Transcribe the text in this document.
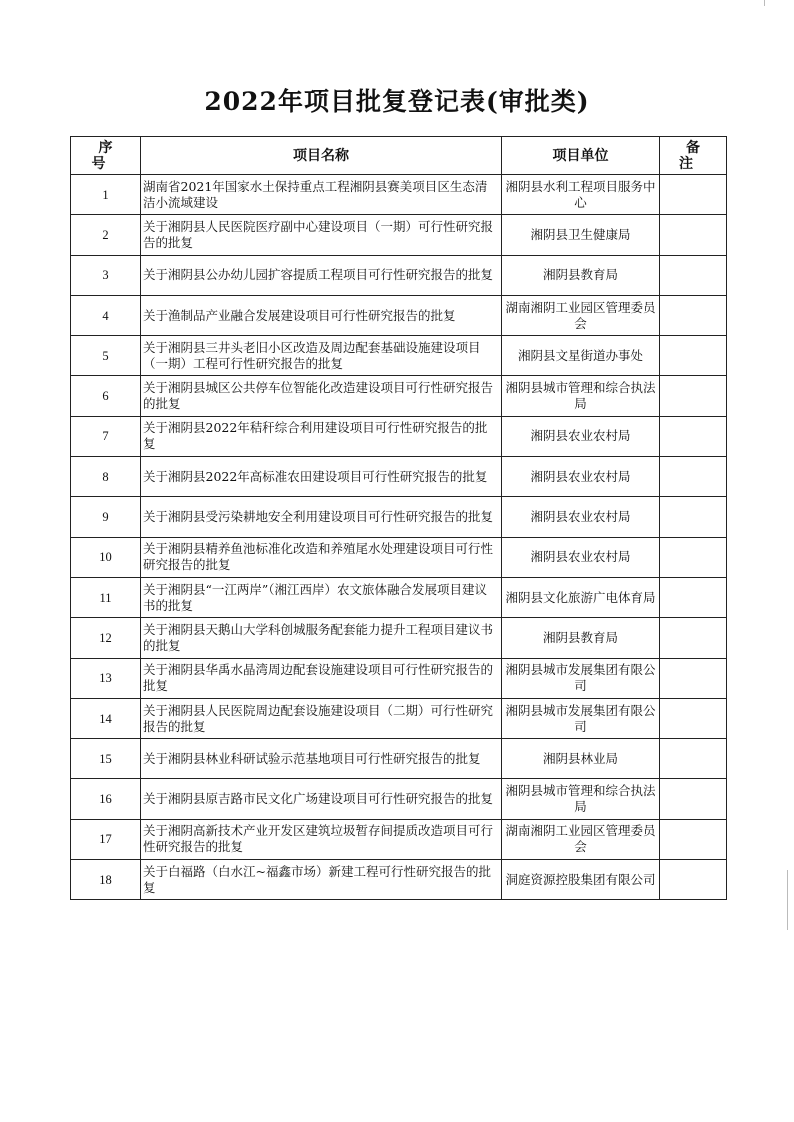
2022年项目批复登记表(审批类)
序 号	项目名称	项目单位	备 注
1	湖南省2021年国家水土保持重点工程湘阴县赛美项目区生态清洁小流域建设	湘阴县水利工程项目服务中心	
2	关于湘阴县人民医院医疗副中心建设项目（一期）可行性研究报告的批复	湘阴县卫生健康局	
3	关于湘阴县公办幼儿园扩容提质工程项目可行性研究报告的批复	湘阴县教育局	
4	关于渔制品产业融合发展建设项目可行性研究报告的批复	湖南湘阴工业园区管理委员会	
5	关于湘阴县三井头老旧小区改造及周边配套基础设施建设项目（一期）工程可行性研究报告的批复	湘阴县文星街道办事处	
6	关于湘阴县城区公共停车位智能化改造建设项目可行性研究报告的批复	湘阴县城市管理和综合执法局	
7	关于湘阴县2022年秸秆综合利用建设项目可行性研究报告的批复	湘阴县农业农村局	
8	关于湘阴县2022年高标准农田建设项目可行性研究报告的批复	湘阴县农业农村局	
9	关于湘阴县受污染耕地安全利用建设项目可行性研究报告的批复	湘阴县农业农村局	
10	关于湘阴县精养鱼池标准化改造和养殖尾水处理建设项目可行性研究报告的批复	湘阴县农业农村局	
11	关于湘阴县“一江两岸”（湘江西岸）农文旅体融合发展项目建议书的批复	湘阴县文化旅游广电体育局	
12	关于湘阴县天鹅山大学科创城服务配套能力提升工程项目建议书的批复	湘阴县教育局	
13	关于湘阴县华禹水晶湾周边配套设施建设项目可行性研究报告的批复	湘阴县城市发展集团有限公司	
14	关于湘阴县人民医院周边配套设施建设项目（二期）可行性研究报告的批复	湘阴县城市发展集团有限公司	
15	关于湘阴县林业科研试验示范基地项目可行性研究报告的批复	湘阴县林业局	
16	关于湘阴县原吉路市民文化广场建设项目可行性研究报告的批复	湘阴县城市管理和综合执法局	
17	关于湘阴高新技术产业开发区建筑垃圾暂存间提质改造项目可行性研究报告的批复	湖南湘阴工业园区管理委员会	
18	关于白福路（白水江~福鑫市场）新建工程可行性研究报告的批复	洞庭资源控股集团有限公司	
